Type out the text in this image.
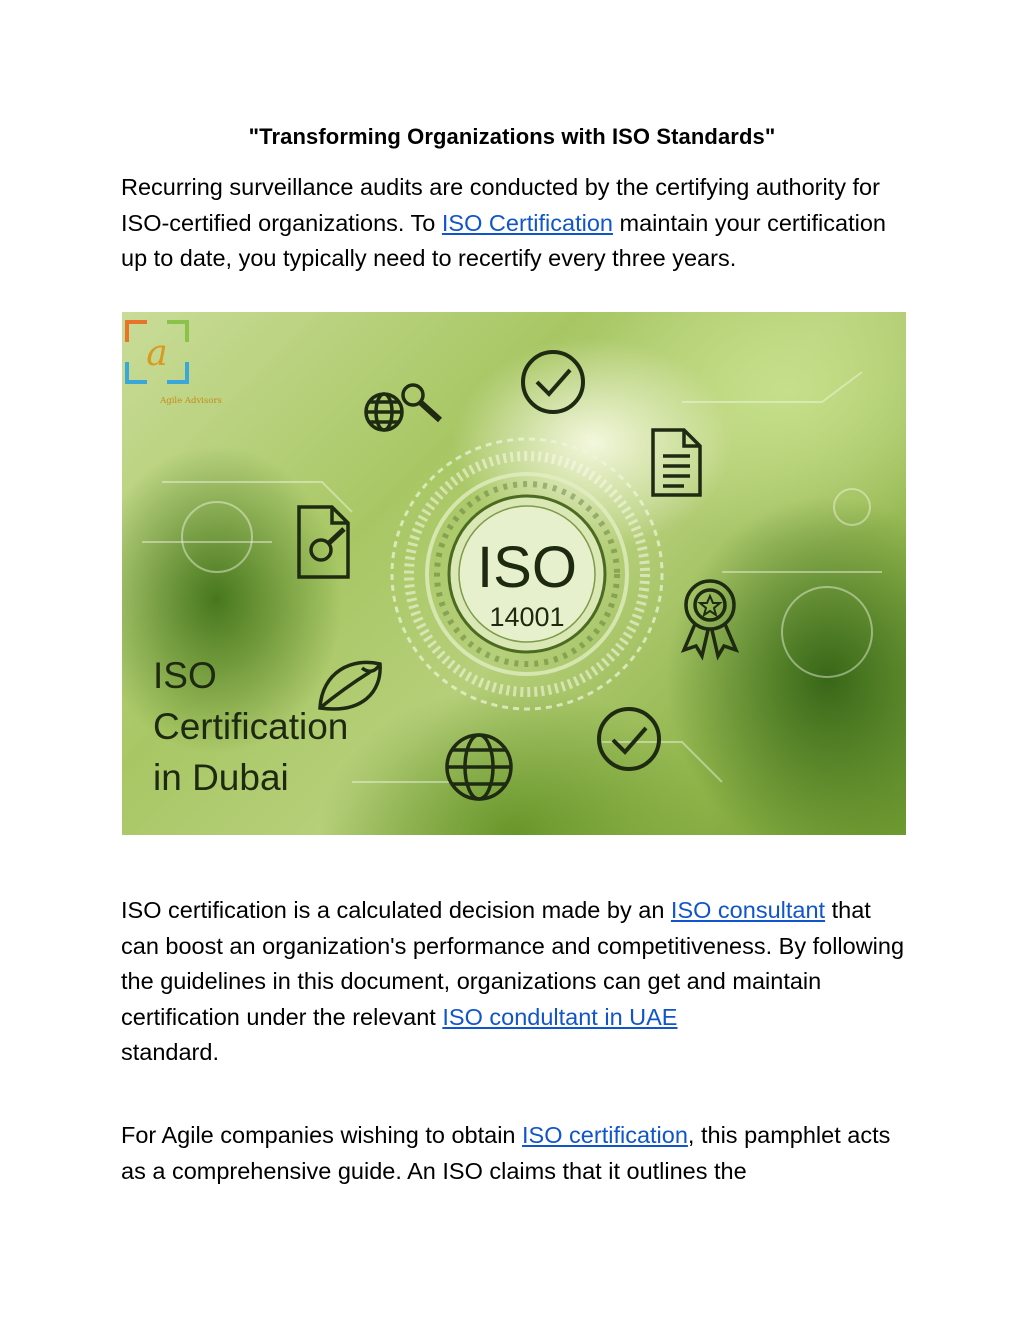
"Transforming Organizations with ISO Standards"

Recurring surveillance audits are conducted by the certifying authority for ISO-certified organizations. To ISO Certification maintain your certification up to date, you typically need to recertify every three years.

ISO
14001
a
Agile Advisors
ISO
Certification
in Dubai

ISO certification is a calculated decision made by an ISO consultant that can boost an organization's performance and competitiveness. By following the guidelines in this document, organizations can get and maintain certification under the relevant ISO condultant in UAE
standard.

For Agile companies wishing to obtain ISO certification, this pamphlet acts as a comprehensive guide. An ISO claims that it outlines the
